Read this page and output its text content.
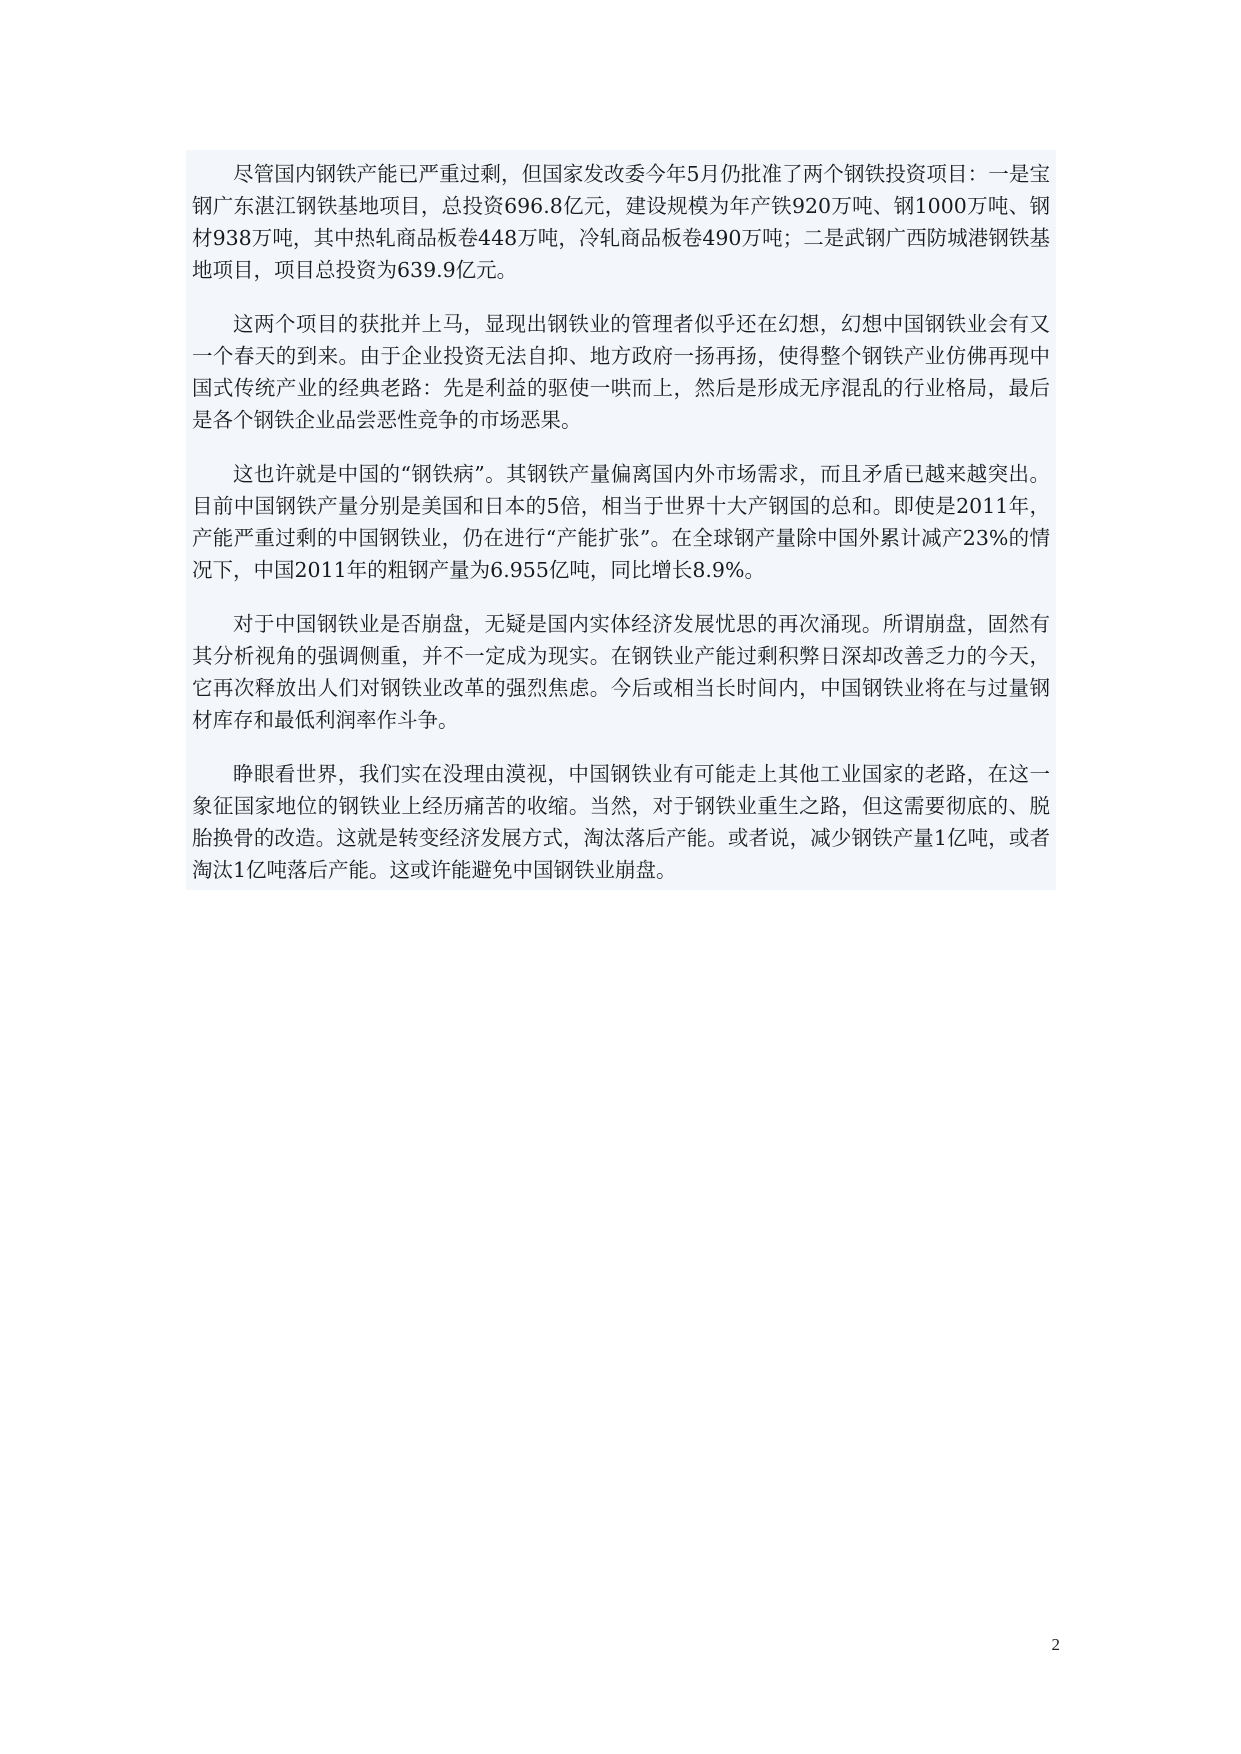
尽管国内钢铁产能已严重过剩，但国家发改委今年5月仍批准了两个钢铁投资项目：一是宝钢广东湛江钢铁基地项目，总投资696.8亿元，建设规模为年产铁920万吨、钢1000万吨、钢材938万吨，其中热轧商品板卷448万吨，冷轧商品板卷490万吨；二是武钢广西防城港钢铁基地项目，项目总投资为639.9亿元。

这两个项目的获批并上马，显现出钢铁业的管理者似乎还在幻想，幻想中国钢铁业会有又一个春天的到来。由于企业投资无法自抑、地方政府一扬再扬，使得整个钢铁产业仿佛再现中国式传统产业的经典老路：先是利益的驱使一哄而上，然后是形成无序混乱的行业格局，最后是各个钢铁企业品尝恶性竞争的市场恶果。

这也许就是中国的“钢铁病”。其钢铁产量偏离国内外市场需求，而且矛盾已越来越突出。目前中国钢铁产量分别是美国和日本的5倍，相当于世界十大产钢国的总和。即使是2011年，产能严重过剩的中国钢铁业，仍在进行“产能扩张”。在全球钢产量除中国外累计减产23%的情况下，中国2011年的粗钢产量为6.955亿吨，同比增长8.9%。

对于中国钢铁业是否崩盘，无疑是国内实体经济发展忧思的再次涌现。所谓崩盘，固然有其分析视角的强调侧重，并不一定成为现实。在钢铁业产能过剩积弊日深却改善乏力的今天，它再次释放出人们对钢铁业改革的强烈焦虑。今后或相当长时间内，中国钢铁业将在与过量钢材库存和最低利润率作斗争。

睁眼看世界，我们实在没理由漠视，中国钢铁业有可能走上其他工业国家的老路，在这一象征国家地位的钢铁业上经历痛苦的收缩。当然，对于钢铁业重生之路，但这需要彻底的、脱胎换骨的改造。这就是转变经济发展方式，淘汰落后产能。或者说，减少钢铁产量1亿吨，或者淘汰1亿吨落后产能。这或许能避免中国钢铁业崩盘。

2
